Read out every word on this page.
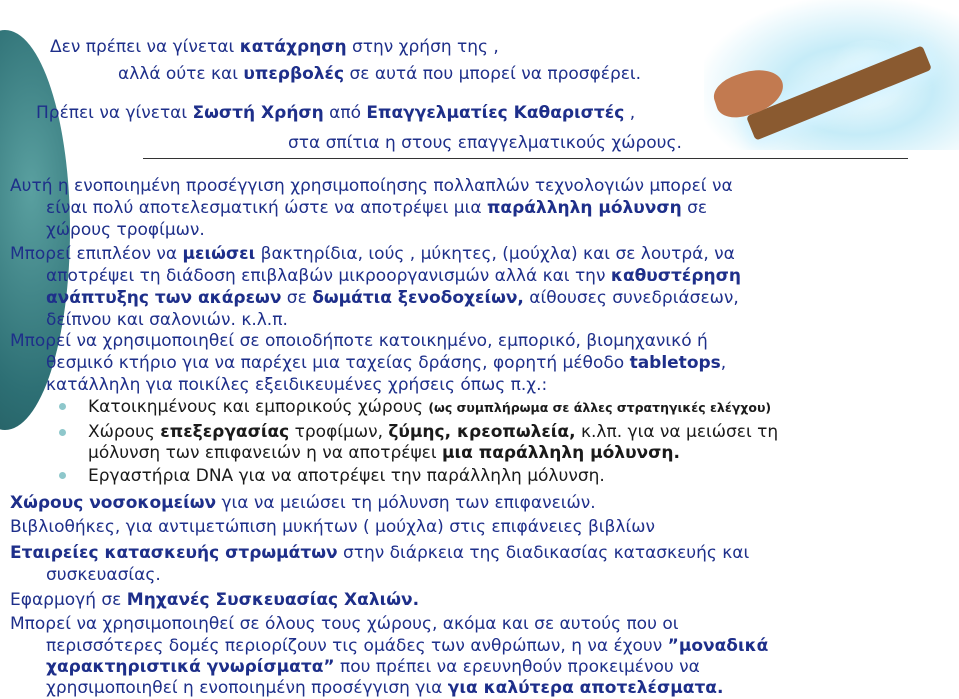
Δεν πρέπει να γίνεται κατάχρηση στην χρήση της ,

αλλά ούτε και υπερβολές σε αυτά που μπορεί να προσφέρει.

Πρέπει να γίνεται Σωστή Χρήση από Επαγγελματίες Καθαριστές ,

στα σπίτια η στους επαγγελματικούς χώρους.

Αυτή η ενοποιημένη προσέγγιση χρησιμοποίησης πολλαπλών τεχνολογιών μπορεί να

είναι πολύ αποτελεσματική ώστε να αποτρέψει μια παράλληλη μόλυνση σε

χώρους τροφίμων.

Μπορεί επιπλέον να μειώσει βακτηρίδια, ιούς , μύκητες, (μούχλα) και σε λουτρά, να

αποτρέψει τη διάδοση επιβλαβών μικροοργανισμών αλλά και την καθυστέρηση

ανάπτυξης των ακάρεων σε δωμάτια ξενοδοχείων, αίθουσες συνεδριάσεων,

δείπνου και σαλονιών. κ.λ.π.

Μπορεί να χρησιμοποιηθεί σε οποιοδήποτε κατοικημένο, εμπορικό, βιομηχανικό ή

θεσμικό κτήριο για να παρέχει μια ταχείας δράσης, φορητή μέθοδο tabletops,

κατάλληλη για ποικίλες εξειδικευμένες χρήσεις όπως π.χ.:

Κατοικημένους και εμπορικούς χώρους (ως συμπλήρωμα σε άλλες στρατηγικές ελέγχου)

Χώρους επεξεργασίας τροφίμων, ζύμης, κρεοπωλεία, κ.λπ. για να μειώσει τη

μόλυνση των επιφανειών η να αποτρέψει μια παράλληλη μόλυνση.

Εργαστήρια DNA για να αποτρέψει την παράλληλη μόλυνση.

Χώρους νοσοκομείων για να μειώσει τη μόλυνση των επιφανειών.

Βιβλιοθήκες, για αντιμετώπιση μυκήτων ( μούχλα) στις επιφάνειες βιβλίων

Εταιρείες κατασκευής στρωμάτων στην διάρκεια της διαδικασίας κατασκευής και

συσκευασίας.

Εφαρμογή σε Μηχανές Συσκευασίας Χαλιών.

Μπορεί να χρησιμοποιηθεί σε όλους τους χώρους, ακόμα και σε αυτούς που οι

περισσότερες δομές περιορίζουν τις ομάδες των ανθρώπων, η να έχουν ”μοναδικά

χαρακτηριστικά γνωρίσματα” που πρέπει να ερευνηθούν προκειμένου να

χρησιμοποιηθεί η ενοποιημένη προσέγγιση για για καλύτερα αποτελέσματα.
